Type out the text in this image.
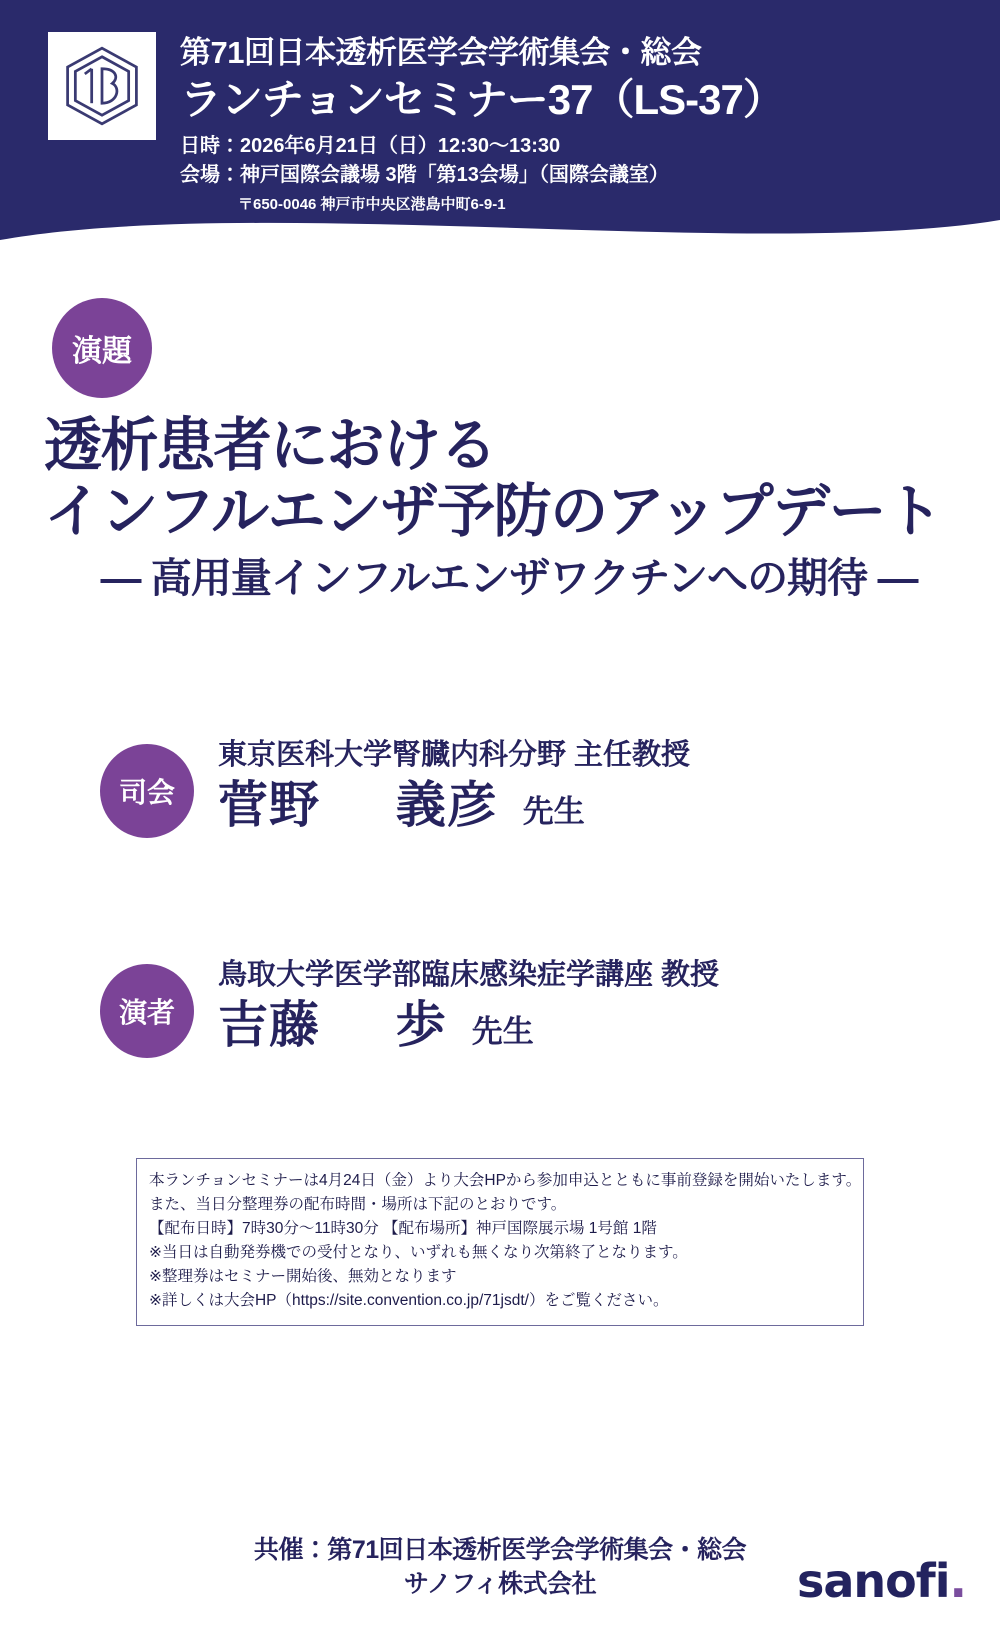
第71回日本透析医学会学術集会・総会
ランチョンセミナー37（LS-37）
日時：2026年6月21日（日）12:30〜13:30
会場：神戸国際会議場 3階「第13会場」（国際会議室）
〒650-0046 神戸市中央区港島中町6-9-1
演題
透析患者における
インフルエンザ予防のアップデート
― 高用量インフルエンザワクチンへの期待 ―
司会
東京医科大学腎臓内科分野 主任教授
菅野 義彦 先生
演者
鳥取大学医学部臨床感染症学講座 教授
吉藤 歩 先生

本ランチョンセミナーは4月24日（金）より大会HPから参加申込とともに事前登録を開始いたします。

また、当日分整理券の配布時間・場所は下記のとおりです。

【配布日時】7時30分〜11時30分 【配布場所】神戸国際展示場 1号館 1階

※当日は自動発券機での受付となり、いずれも無くなり次第終了となります。

※整理券はセミナー開始後、無効となります

※詳しくは大会HP（https://site.convention.co.jp/71jsdt/）をご覧ください。

共催：第71回日本透析医学会学術集会・総会
サノフィ株式会社	sanofi.
